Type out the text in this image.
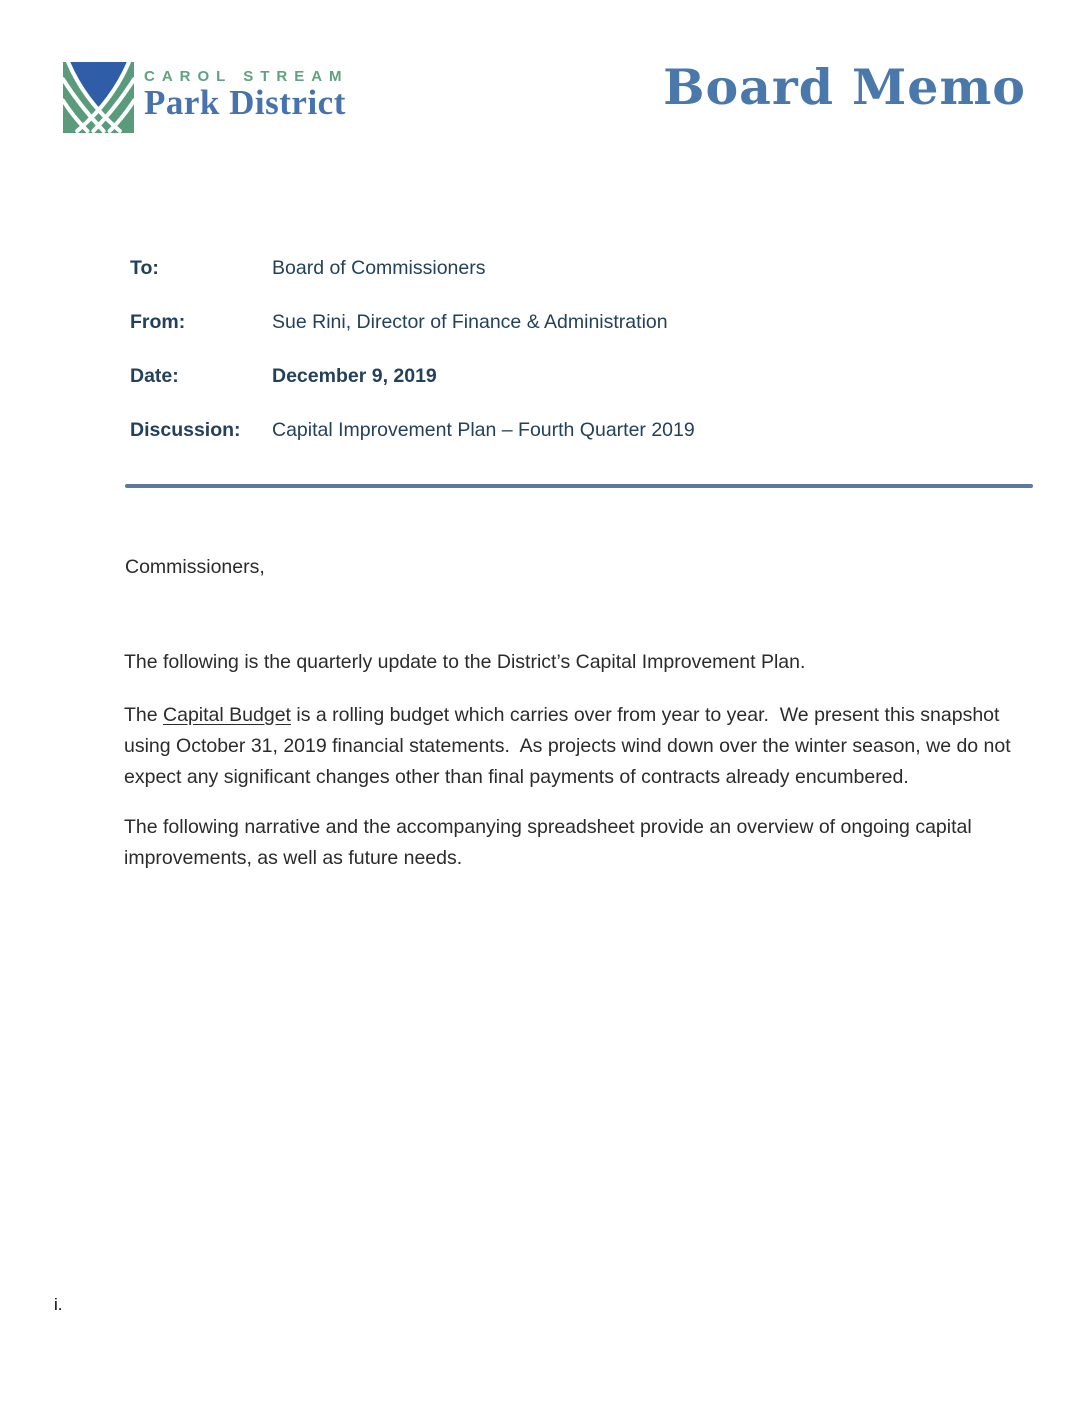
CAROL STREAM
Park District	Board Memo
To:	Board of Commissioners
From:	Sue Rini, Director of Finance & Administration
Date:	December 9, 2019
Discussion:	Capital Improvement Plan – Fourth Quarter 2019
Commissioners,
The following is the quarterly update to the District’s Capital Improvement Plan.
The Capital Budget is a rolling budget which carries over from year to year.  We present this snapshot using October 31, 2019 financial statements.  As projects wind down over the winter season, we do not expect any significant changes other than final payments of contracts already encumbered.
The following narrative and the accompanying spreadsheet provide an overview of ongoing capital improvements, as well as future needs.
i.
